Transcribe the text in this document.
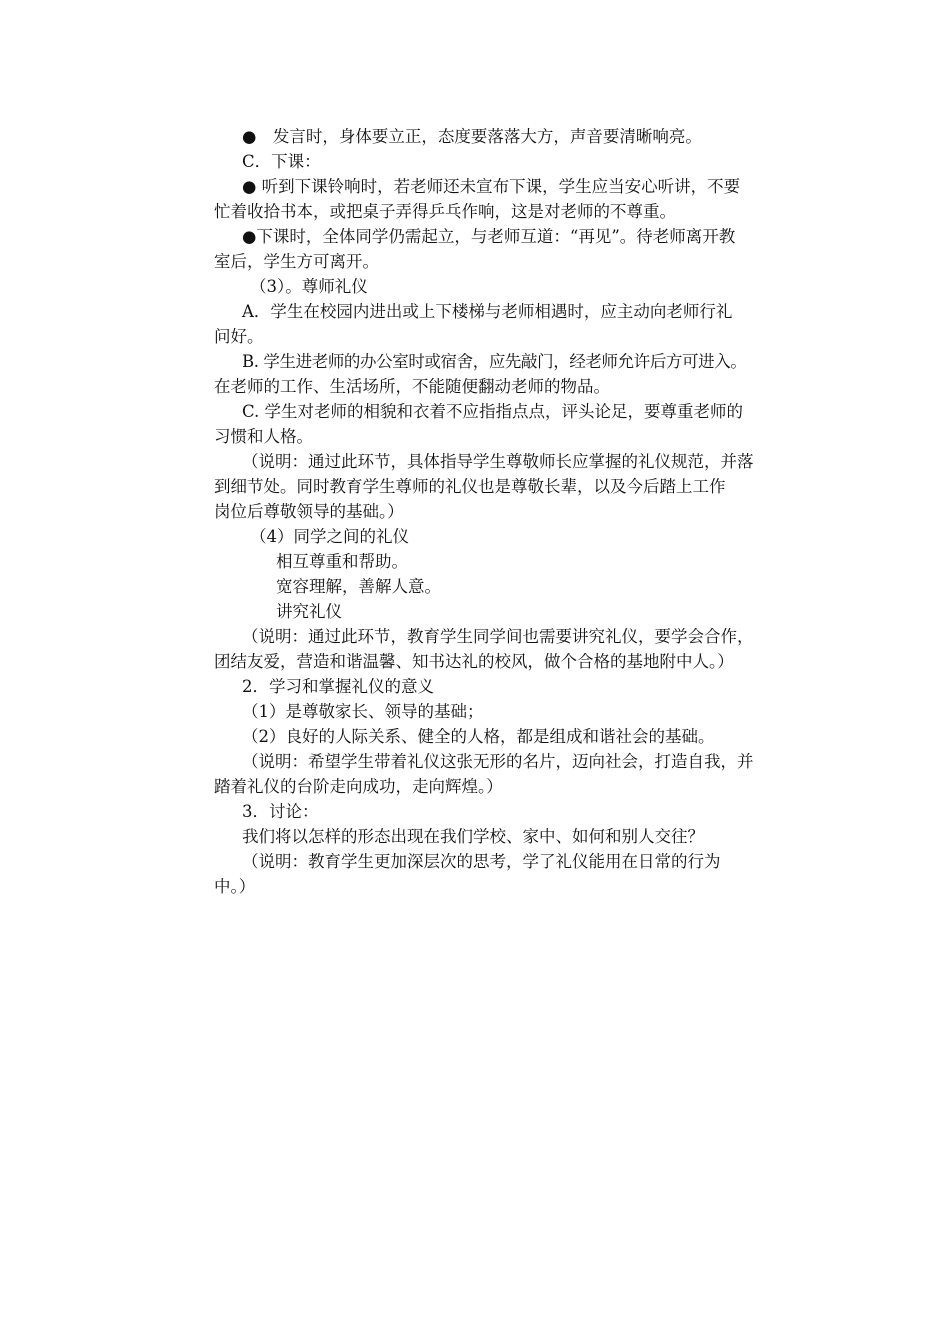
●　发言时，身体要立正，态度要落落大方，声音要清晰响亮。
C．下课：
● 听到下课铃响时，若老师还未宣布下课，学生应当安心听讲，不要
忙着收拾书本，或把桌子弄得乒乓作响，这是对老师的不尊重。
●下课时，全体同学仍需起立，与老师互道：“再见”。待老师离开教
室后，学生方可离开。
（3）。尊师礼仪
A．学生在校园内进出或上下楼梯与老师相遇时，应主动向老师行礼
问好。
B. 学生进老师的办公室时或宿舍，应先敲门，经老师允许后方可进入。
在老师的工作、生活场所，不能随便翻动老师的物品。
C. 学生对老师的相貌和衣着不应指指点点，评头论足，要尊重老师的
习惯和人格。
（说明：通过此环节，具体指导学生尊敬师长应掌握的礼仪规范，并落
到细节处。同时教育学生尊师的礼仪也是尊敬长辈，以及今后踏上工作
岗位后尊敬领导的基础。）
（4）同学之间的礼仪
相互尊重和帮助。
宽容理解，善解人意。
讲究礼仪
（说明：通过此环节，教育学生同学间也需要讲究礼仪，要学会合作，
团结友爱，营造和谐温馨、知书达礼的校风，做个合格的基地附中人。）
2．学习和掌握礼仪的意义
（1）是尊敬家长、领导的基础；
（2）良好的人际关系、健全的人格，都是组成和谐社会的基础。
（说明：希望学生带着礼仪这张无形的名片，迈向社会，打造自我，并
踏着礼仪的台阶走向成功，走向辉煌。）
3．讨论：
我们将以怎样的形态出现在我们学校、家中、如何和别人交往？
（说明：教育学生更加深层次的思考，学了礼仪能用在日常的行为
中。）
